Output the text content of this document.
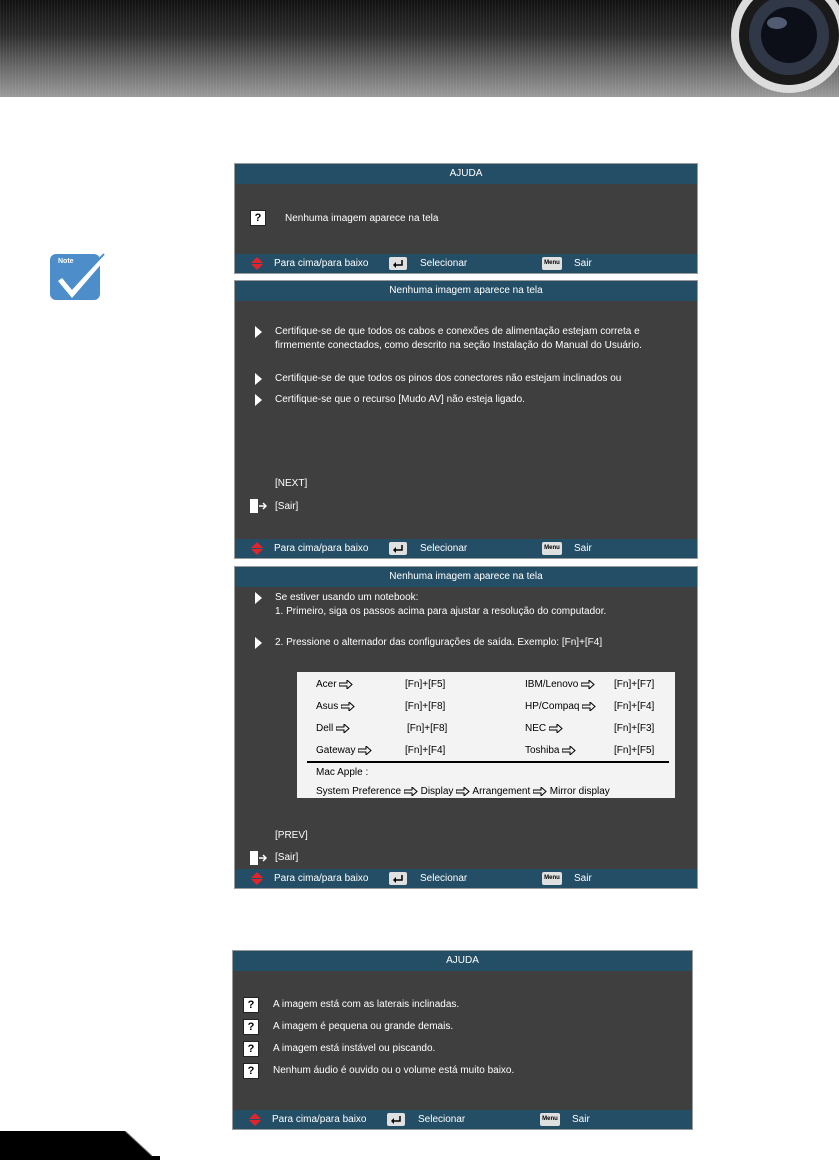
Note
AJUDA
?	Nenhuma imagem aparece na tela
Para cima/para baixo	Selecionar	Menu Sair
Nenhuma imagem aparece na tela
Certifique-se de que todos os cabos e conexões de alimentação estejam correta e
firmemente conectados, como descrito na seção Instalação do Manual do Usuário.
Certifique-se de que todos os pinos dos conectores não estejam inclinados ou
Certifique-se que o recurso [Mudo AV] não esteja ligado.
[NEXT]
[Sair]
Para cima/para baixo	Selecionar	Menu Sair
Nenhuma imagem aparece na tela
Se estiver usando um notebook:
1. Primeiro, siga os passos acima para ajustar a resolução do computador.
2. Pressione o alternador das configurações de saída. Exemplo: [Fn]+[F4]
Acer	[Fn]+[F5]	IBM/Lenovo	[Fn]+[F7]
Asus	[Fn]+[F8]	HP/Compaq	[Fn]+[F4]
Dell	[Fn]+[F8]	NEC	[Fn]+[F3]
Gateway	[Fn]+[F4]	Toshiba	[Fn]+[F5]
Mac Apple :
System Preference Display Arrangement Mirror display
[PREV]
[Sair]
Para cima/para baixo	Selecionar	Menu Sair
AJUDA
?	A imagem está com as laterais inclinadas.
?	A imagem é pequena ou grande demais.
?	A imagem está instável ou piscando.
?	Nenhum áudio é ouvido ou o volume está muito baixo.
Para cima/para baixo	Selecionar	Menu Sair
